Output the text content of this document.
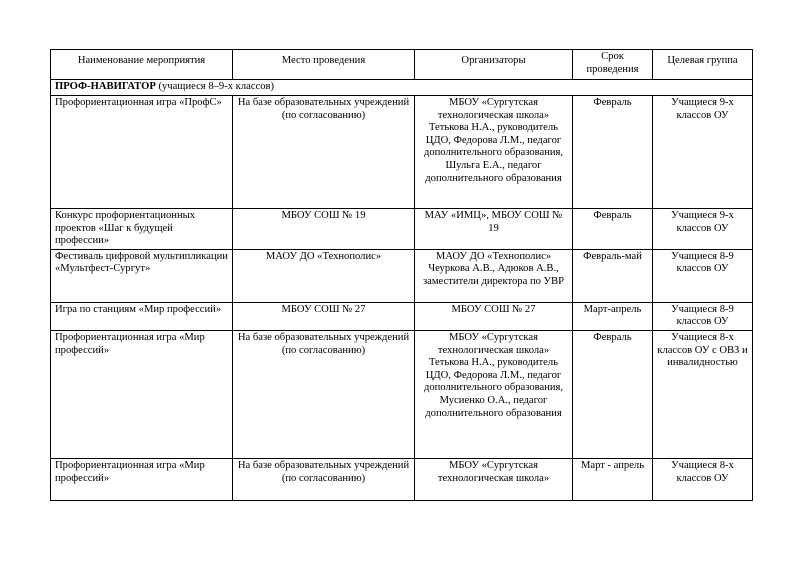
Наименование мероприятия	Место проведения	Организаторы	Срок проведения	Целевая группа
ПРОФ-НАВИГАТОР (учащиеся 8–9-х классов)				
Профориентационная игра «ПрофС»	На базе образовательных учреждений (по согласованию)	МБОУ «Сургутская технологическая школа» Тетькова Н.А., руководитель ЦДО, Федорова Л.М., педагог дополнительного образования, Шульга Е.А., педагог дополнительного образования	Февраль	Учащиеся 9-х классов ОУ
Конкурс профориентационных проектов «Шаг к будущей профессии»	МБОУ СОШ № 19	МАУ «ИМЦ», МБОУ СОШ № 19	Февраль	Учащиеся 9-х классов ОУ
Фестиваль цифровой мультипликации «Мультфест-Сургут»	МАОУ ДО «Технополис»	МАОУ ДО «Технополис» Чеуркова А.В., Адюков А.В., заместители директора по УВР	Февраль-май	Учащиеся 8-9 классов ОУ
Игра по станциям «Мир профессий»	МБОУ СОШ № 27	МБОУ СОШ № 27	Март-апрель	Учащиеся 8-9 классов ОУ
Профориентационная игра «Мир профессий»	На базе образовательных учреждений (по согласованию)	МБОУ «Сургутская технологическая школа» Тетькова Н.А., руководитель ЦДО, Федорова Л.М., педагог дополнительного образования, Мусиенко О.А., педагог дополнительного образования	Февраль	Учащиеся 8-х классов ОУ с ОВЗ и инвалидностью
Профориентационная игра «Мир профессий»	На базе образовательных учреждений (по согласованию)	МБОУ «Сургутская технологическая школа»	Март - апрель	Учащиеся 8-х классов ОУ
